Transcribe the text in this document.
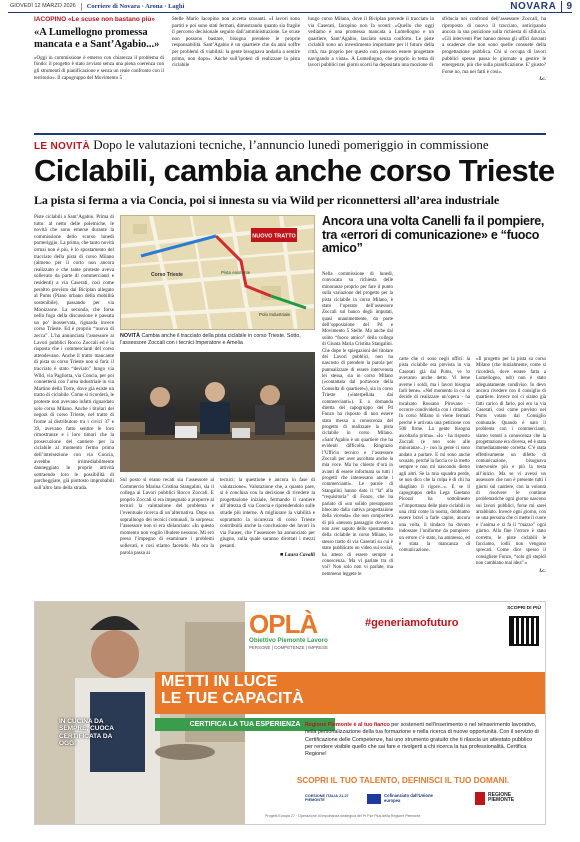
GIOVEDÌ 12 MARZO 2026	Corriere di Novara · Arona · Laghi	NOVARA	9
IACOPINO «Le scuse non bastano più»
«A Lumellogno promessa mancata e a Sant’Agabio...»
«Oggi in commissione è emerso con chiarezza il problema di fondo: il progetto è stato avviato senza una piena coerenza con gli strumenti di pianificazione e senza un reale confronto con il territorio». Il capogruppo del Movimento 5
Stelle Mario Iacopino non accetta scusanti. «I lavori sono partiti e poi sono stati fermati, dimostrando quanto sia fragile il percorso decisionale seguito dall’amministrazione. Le scuse non possono bastare, bisogna prendere le proprie responsabilità. Sant’Agabio è un quartiere che da anni soffre per problemi di viabilità: la gente bisognava andarla a sentire prima, non dopo». Anche sull’ipotesi di realizzare la pista ciclabile
lungo corso Milano, dove il Biciplan prevede il tracciato in via Caserati, Iacopino non fa sconti: «Quello che oggi vediamo è una promessa mancata a Lumellogno e un quartiere, Sant’Agabio, lasciato senza conforto. Le piste ciclabili sono un investimento importante per il futuro della città, ma proprio per questo non possono essere progettate navigando a vista». A Lumellogno, che proprio in tema di lavori pubblici nei giorni scorsi ha depositato una mozione di
sfiducia nei confronti dell’assessore Zoccali, ha riproposto di nuovo il tracciato, anticipando ancora la sua posizione sulla richiesta di sfiducia. «Gli interventi Pier hanno messo gli uffici davanti a scadenze che non sono quelle consuete della progettazione pubblica. Chi si occupa di lavori pubblici spesso passa le giornate a gestire le emergenze, più che sulla pianificazione. E' giusto? Forse no, ma nei fatti è così».
l.c.
LE NOVITÀ Dopo le valutazioni tecniche, l’annuncio lunedì pomeriggio in commissione
Ciclabili, cambia anche corso Trieste
La pista si ferma a via Concia, poi si innesta su via Wild per riconnettersi all’area industriale
Piste ciclabili a Sant’Agabio. Prima di tutto: al netto delle polemiche, le novità che sono emerse durante la commissione dello scorso lunedì pomeriggio. La prima, che tanto novità ormai non è più, è lo spostamento del tracciato della pista di corso Milano (almeno per il corto non ancora realizzato e che tante proteste aveva sollevato da parte di commercianti e residenti) a via Caserati, così come peraltro previsto dal Biciplan allegato al Pums (Piano urbano della mobilità sostenibile), passando per via Monizzone. La seconda, che forse nella foga della discussione è passata un po’ inosservata, riguarda invece corso Trieste. Ed è proprio “nuova di zecca”. L’ha annunciata l’assessore ai Lavori pubblici Rocco Zoccali ed è la risposta che i commercianti del corso attendevano. Anche il tratto mancante di pista su corso Trieste non si farà: il tracciato è stato “deviato” lungo via Wild, via Pagliotta, via Concia, per poi connettersi con l’area industriale in via Martino della Torre, dove già esiste un tratto di ciclabile. Come si ricorderà, le proteste non avevano infatti riguardato solo corso Milano. Anche i titolari dei negozi di corso Trieste, nel tratto di fronte al distributore tra i civici 37 e 39, avevano fatto sentire le loro rimostranze e i loro timori che la prosecuzione del cantiere per la ciclabile al momento fermo prima dell’intersezione con via Concia, avrebbe irrimediabilmente danneggiato le proprie attività sottraendo loro le possibilità di parcheggiare, già piuttosto improbabili sull’altro lato della strada.
NUOVO TRATTO
Corso Trieste	Pista esistente
Polo Industriale
NOVITÀ Cambia anche il tracciato della pista ciclabile in corso Trieste. Sotto, l’assessore Zoccali con i tecnici Imperatore e Amelia
Sul posto si erano recati sia l’assessore al Commercio Marina Cristina Stangalini, sia il collega ai Lavori pubblici Rocco Zoccali. E proprio Zoccali si era impegnato a proporre ai tecnici la valutazione del problema e l’eventuale ricerca di un’alternativa. Dopo un sopralluogo dei tecnici comunali, la sorpresa: l’assessore non si era sbilanciato: «In questo momento non voglio illudere nessuno. Mi ero preso l’impegno di esaminare i problemi sollevati, e così stiamo facendo. Ma ora la parola passa ai
tecnici: la questione è ancora in fase di valutazione». Valutazione che, a quanto pare, si è conclusa con la decisione di rivedere la progettazione iniziale, fermando il cantiere all’altezza di via Concia e riprendendolo sulle strade più interne. A migliorare la viabilità e soprattutto la sicurezza di corso Trieste contribuirà anche la conclusione dei lavori in via Fauser, che l’assessore ha annunciato per giugno, sulla quale saranno dirottati i mezzi pesanti.
■ Laura Cavalli
Ancora una volta Canelli fa il pompiere, tra «errori di comunicazione» e “fuoco amico”
Nella commissione di lunedì, convocata su richiesta delle minoranze proprio per fare il punto sulla variazione del progetto per la pista ciclabile in corso Milano, è stato l’operato dell’assessore Zoccali sul banco degli imputati, quasi unanimemente, da parte dell’opposizione del Pd e Movimento 5 Stelle. Ma anche dal solito “fuoco amico” della collega di Giunta Maria Cristina Stangalini. Che dopo le spiegazioni del titolare dei Lavori pubblici, non ha nascosto di prendere la parola per puntualizzare di essere intervenuta lei stessa, sia in corso Milano («contattata dal portavoce della Consulta di quartiere»), sia in corso Trieste («interpellata dai commercianti»). E a domanda diretta del capogruppo del Pd Fonzo ha risposto di non essere stata messa a conoscenza del progetto di realizzare la pista ciclabile in corso Milano. «Sant’Agabio è un quartiere che ha evidenti difficoltà. Ringrazio l’Ufficio tecnico e l’assessore Zoccali per aver ascoltato anche la mia voce. Ma ho chiesto d’ora in avanti di essere informata su tutti i progetti che interessano anche i commercianti». Le parole di Stangalini hanno dato il “la” alla “requisitoria” di Fonzo, che ha parlato di «un solido presupposto bloccato dalla cattiva progettazione della vicenda» che non comporterà di più «nessun passaggio dovuto a non aver saputo dello spostamento della ciclabile in corso Milano, lo stesso tratto di via Caserati su cui è stato pubblicato un video sui social, ha atteso di essere sempre a conoscenza. Ma vi parlate tra di voi? Non solo non vi parlate, ma nemmeno leggete le
carte che ci sono negli uffici: la pista ciclabile era prevista in via Caserati già dal Pums, ve lo avevamo anche detto. Vi bene averne i soldi, ma i lavori bisogna farli bene». «Nel momento in cui si decide di realizzare un’opera - ha incalzato Rossano Pirovano - occorre condividerla con i cittadini. In corso Milano si viene fermati perché è arrivata una petizione con 500 firme. La gente bisogna ascoltarla prima». «Io - ha risposto Zoccali (e non solo alle minoranze...) - con la gente ci sono andato a parlare. E mi sono anche scusato, perché la faccia ce la metto sempre e non mi nascondo dietro agli altri. Se la mia squadra perde, se non dico che la colpa è di chi ha sbagliato il rigore...». E se il capogruppo della Lega Gaetano Picozzi ha sottolineato «l’importanza delle piste ciclabili in una città come la nostra, dobbiamo essere bravi a farle capire, ancora una volta, il sindaco ha dovuto indossare l’uniforme da pompiere: un errore c’è stato, ha ammesso, ed è stata la mancanza di comunicazione.
«Il progetto per la pista su corso Milano (che inizialmente, come si ricorderà, dove essere fatta a Lumellogno, ndr) non è stato adeguatamente condiviso. Io devo ancora rivedere con il consiglio di quartiere. Invece noi ci siamo già fatti carico di farlo, poi ero in via Caserati, così come previsto nel Pums votato dal Consiglio comunale. Quando è nato il problema con i commercianti, siamo venuti a conoscenza che la progettazione era diversa, ed è stata immediatamente corretta. C’è stata effettivamente un difetto di comunicazione, bisognava intervenire più e più la testa all’inizio. Ma se vi avessi un assessore che non è presente tutti i giorni sul cantiere, con la volontà di risolvere le continue problematiche ogni giorno nascono sui lavori pubblici, forse mi sarei arrabbiato. Invece ogni giorno, con se una persona che ci mette il cuore e l’anima e si fa il “mazzo” ogni giorno. Alla fine l’errore è stato corretto, le piste ciclabili le facciamo, iodlì non vengono sprecati. Come dice spesso il consigliere Fonzo, “solo gli stupidi non cambiano mai idea”.»
l.c.
IN CUCINA DA SEMPRE, CUOCA CERTIFICATA DA OGGI
OPLÀ
Obiettivo Piemonte Lavoro
PERSONE | COMPETENZE | IMPRESE
#generiamofuturo
SCOPRI DI PIÙ
METTI IN LUCE
LE TUE CAPACITÀ
CERTIFICA LA TUA ESPERIENZA Regione Piemonte è al tuo fianco per sostenerti nell’inserimento o nel reinserimento lavorativo, nella personalizzazione della tua formazione e nella ricerca di nuove opportunità. Con il servizio di Certificazione delle Competenze, hai uno strumento gratuito che ti rilascia un attestato pubblico per rendere visibile quello che sai fare e rivolgerti a chi ricerca la tua professionalità. Certifica Regione!
SCOPRI IL TUO TALENTO, DEFINISCI IL TUO DOMANI.
COESIONE ITALIA 21-27 PIEMONTE
Cofinanziato dall’Unione europea
REGIONE PIEMONTE
Progetti Europa 27 · Operazione di importanza strategica del Pr Fse Plus della Regione Piemonte
